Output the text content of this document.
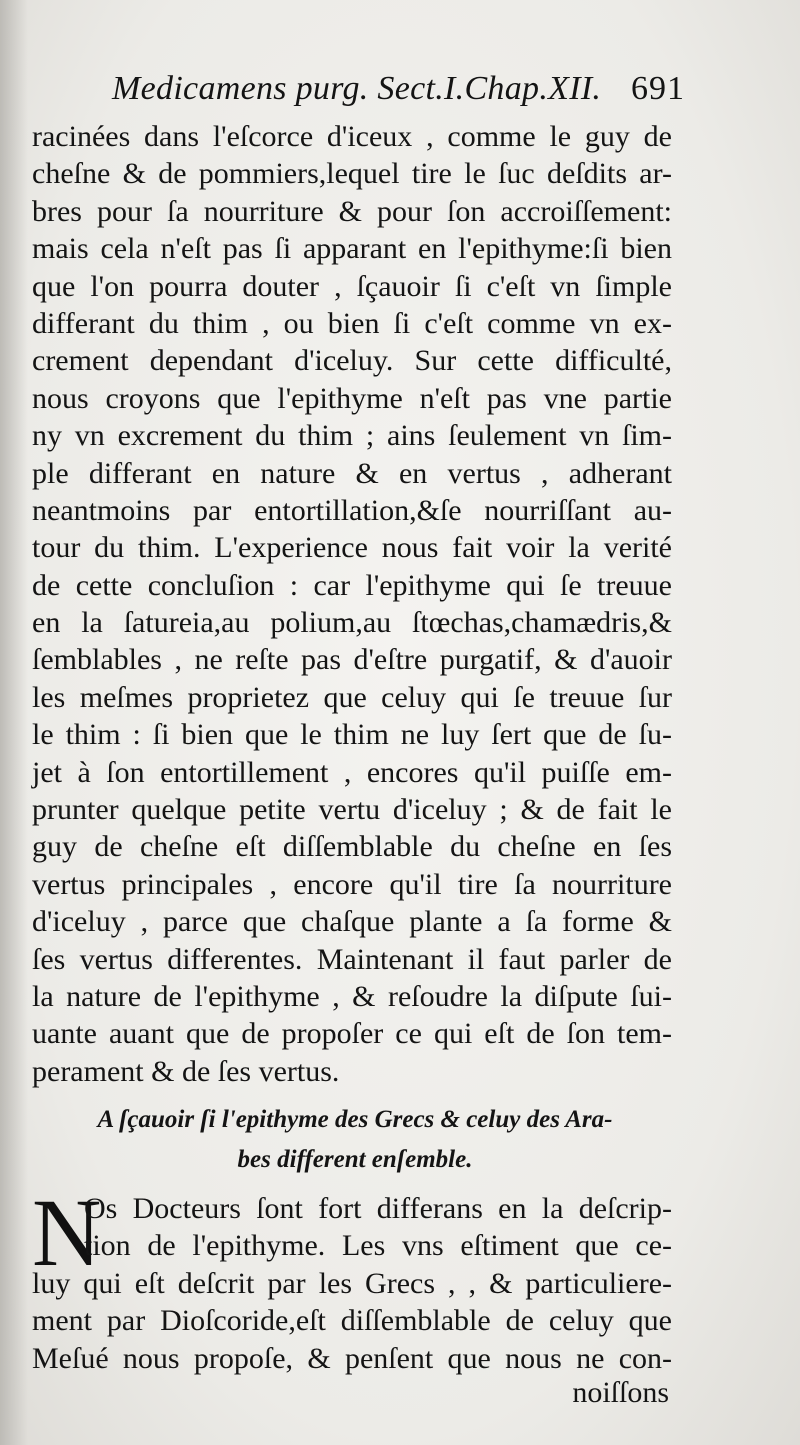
Medicamens purg. Sect.I.Chap.XII. 691
racinées dans l'eſcorce d'iceux , comme le guy de
cheſne & de pommiers,lequel tire le ſuc deſdits ar-
bres pour ſa nourriture & pour ſon accroiſſement:
mais cela n'eſt pas ſi apparant en l'epithyme:ſi bien
que l'on pourra douter , ſçauoir ſi c'eſt vn ſimple
differant du thim , ou bien ſi c'eſt comme vn ex-
crement dependant d'iceluy. Sur cette difficulté,
nous croyons que l'epithyme n'eſt pas vne partie
ny vn excrement du thim ; ains ſeulement vn ſim-
ple differant en nature & en vertus , adherant
neantmoins par entortillation,&ſe nourriſſant au-
tour du thim. L'experience nous fait voir la verité
de cette concluſion : car l'epithyme qui ſe treuue
en la ſatureia,au polium,au ſtœchas,chamædris,&
ſemblables , ne reſte pas d'eſtre purgatif, & d'auoir
les meſmes proprietez que celuy qui ſe treuue ſur
le thim : ſi bien que le thim ne luy ſert que de ſu-
jet à ſon entortillement , encores qu'il puiſſe em-
prunter quelque petite vertu d'iceluy ; & de fait le
guy de cheſne eſt diſſemblable du cheſne en ſes
vertus principales , encore qu'il tire ſa nourriture
d'iceluy , parce que chaſque plante a ſa forme &
ſes vertus differentes. Maintenant il faut parler de
la nature de l'epithyme , & reſoudre la diſpute ſui-
uante auant que de propoſer ce qui eſt de ſon tem-
perament & de ſes vertus.
A ſçauoir ſi l'epithyme des Grecs & celuy des Ara-
bes different enſemble.
N
Os Docteurs ſont fort differans en la deſcrip-
tion de l'epithyme. Les vns eſtiment que ce-
luy qui eſt deſcrit par les Grecs , , & particuliere-
ment par Dioſcoride,eſt diſſemblable de celuy que
Meſué nous propoſe, & penſent que nous ne con-
noiſſons
